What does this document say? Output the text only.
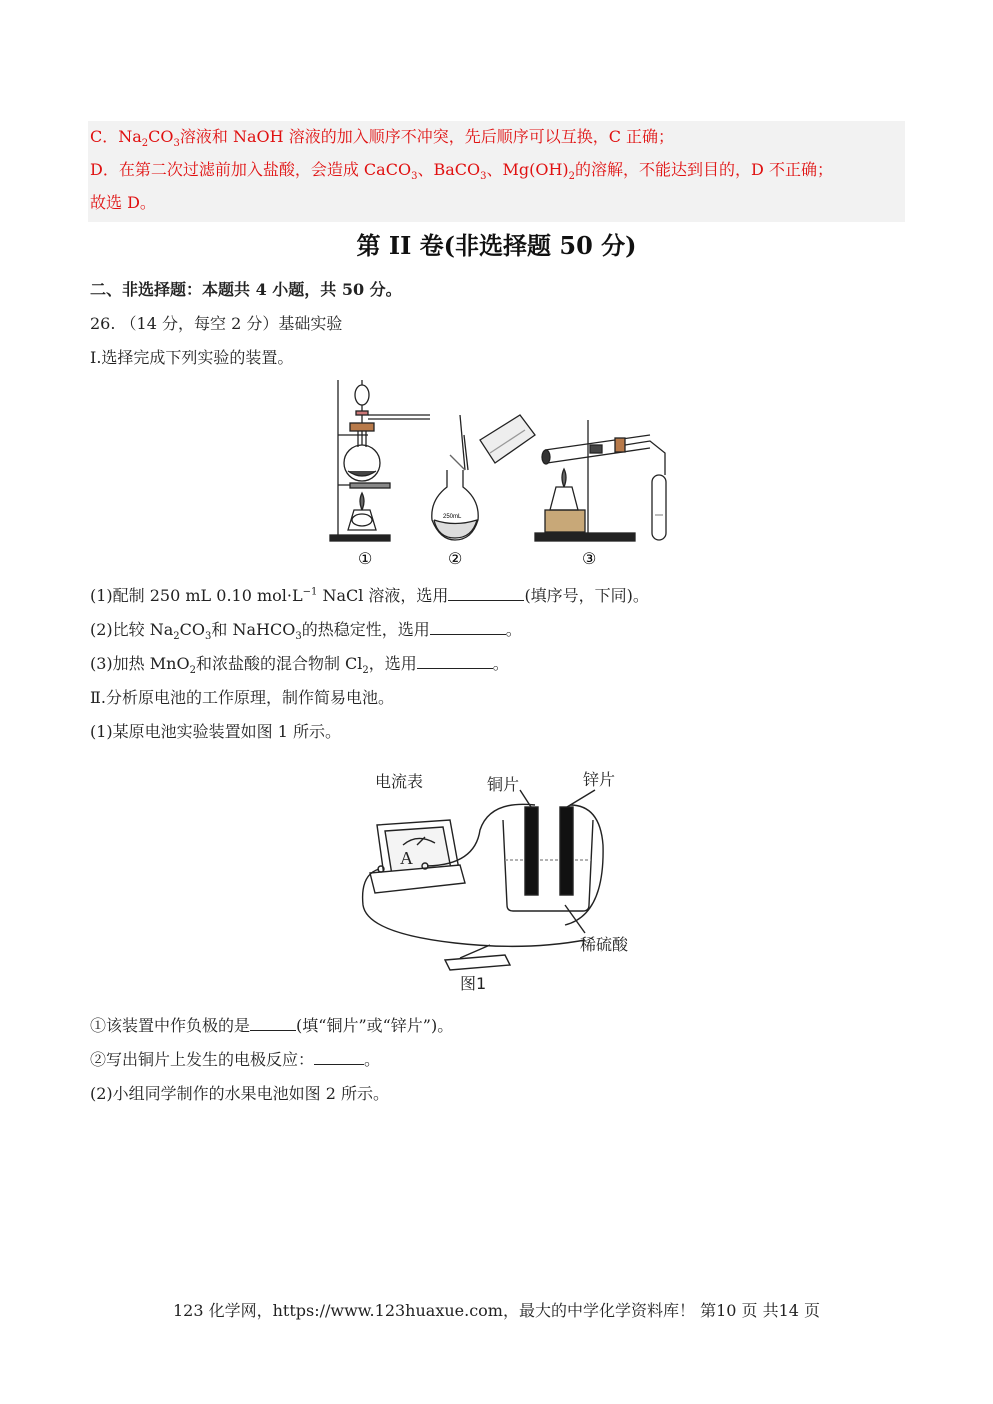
C．$Na_2CO_3$溶液和 NaOH 溶液的加入顺序不冲突，先后顺序可以互换，C 正确；
D．在第二次过滤前加入盐酸，会造成 CaCO$_3$、BaCO$_3$、$Mg(OH)_2$的溶解，不能达到目的，D 不正确；
故选 D。
第 II 卷(非选择题 50 分)
二、非选择题：本题共 4 小题，共 50 分。
26. （14 分，每空 2 分）基础实验
Ⅰ.选择完成下列实验的装置。
①	②	③
250mL
(1)配制 250 mL 0.10 $mol\cdot L^{-1}$ NaCl 溶液，选用	(填序号，下同)。
(2)比较 $Na_2CO_3$和 NaHCO$_3$的热稳定性，选用	。
(3)加热 MnO$_2$和浓盐酸的混合物制 $Cl_2$，选用	。
Ⅱ.分析原电池的工作原理，制作简易电池。
(1)某原电池实验装置如图 1 所示。
电流表	铜片	锌片
稀硫酸
A
图1
①该装置中作负极的是	(填“铜片”或“锌片”)。
②写出铜片上发生的电极反应：	。
(2)小组同学制作的水果电池如图 2 所示。
123 化学网，https://www.123huaxue.com，最大的中学化学资料库！ 第10 页 共14 页
